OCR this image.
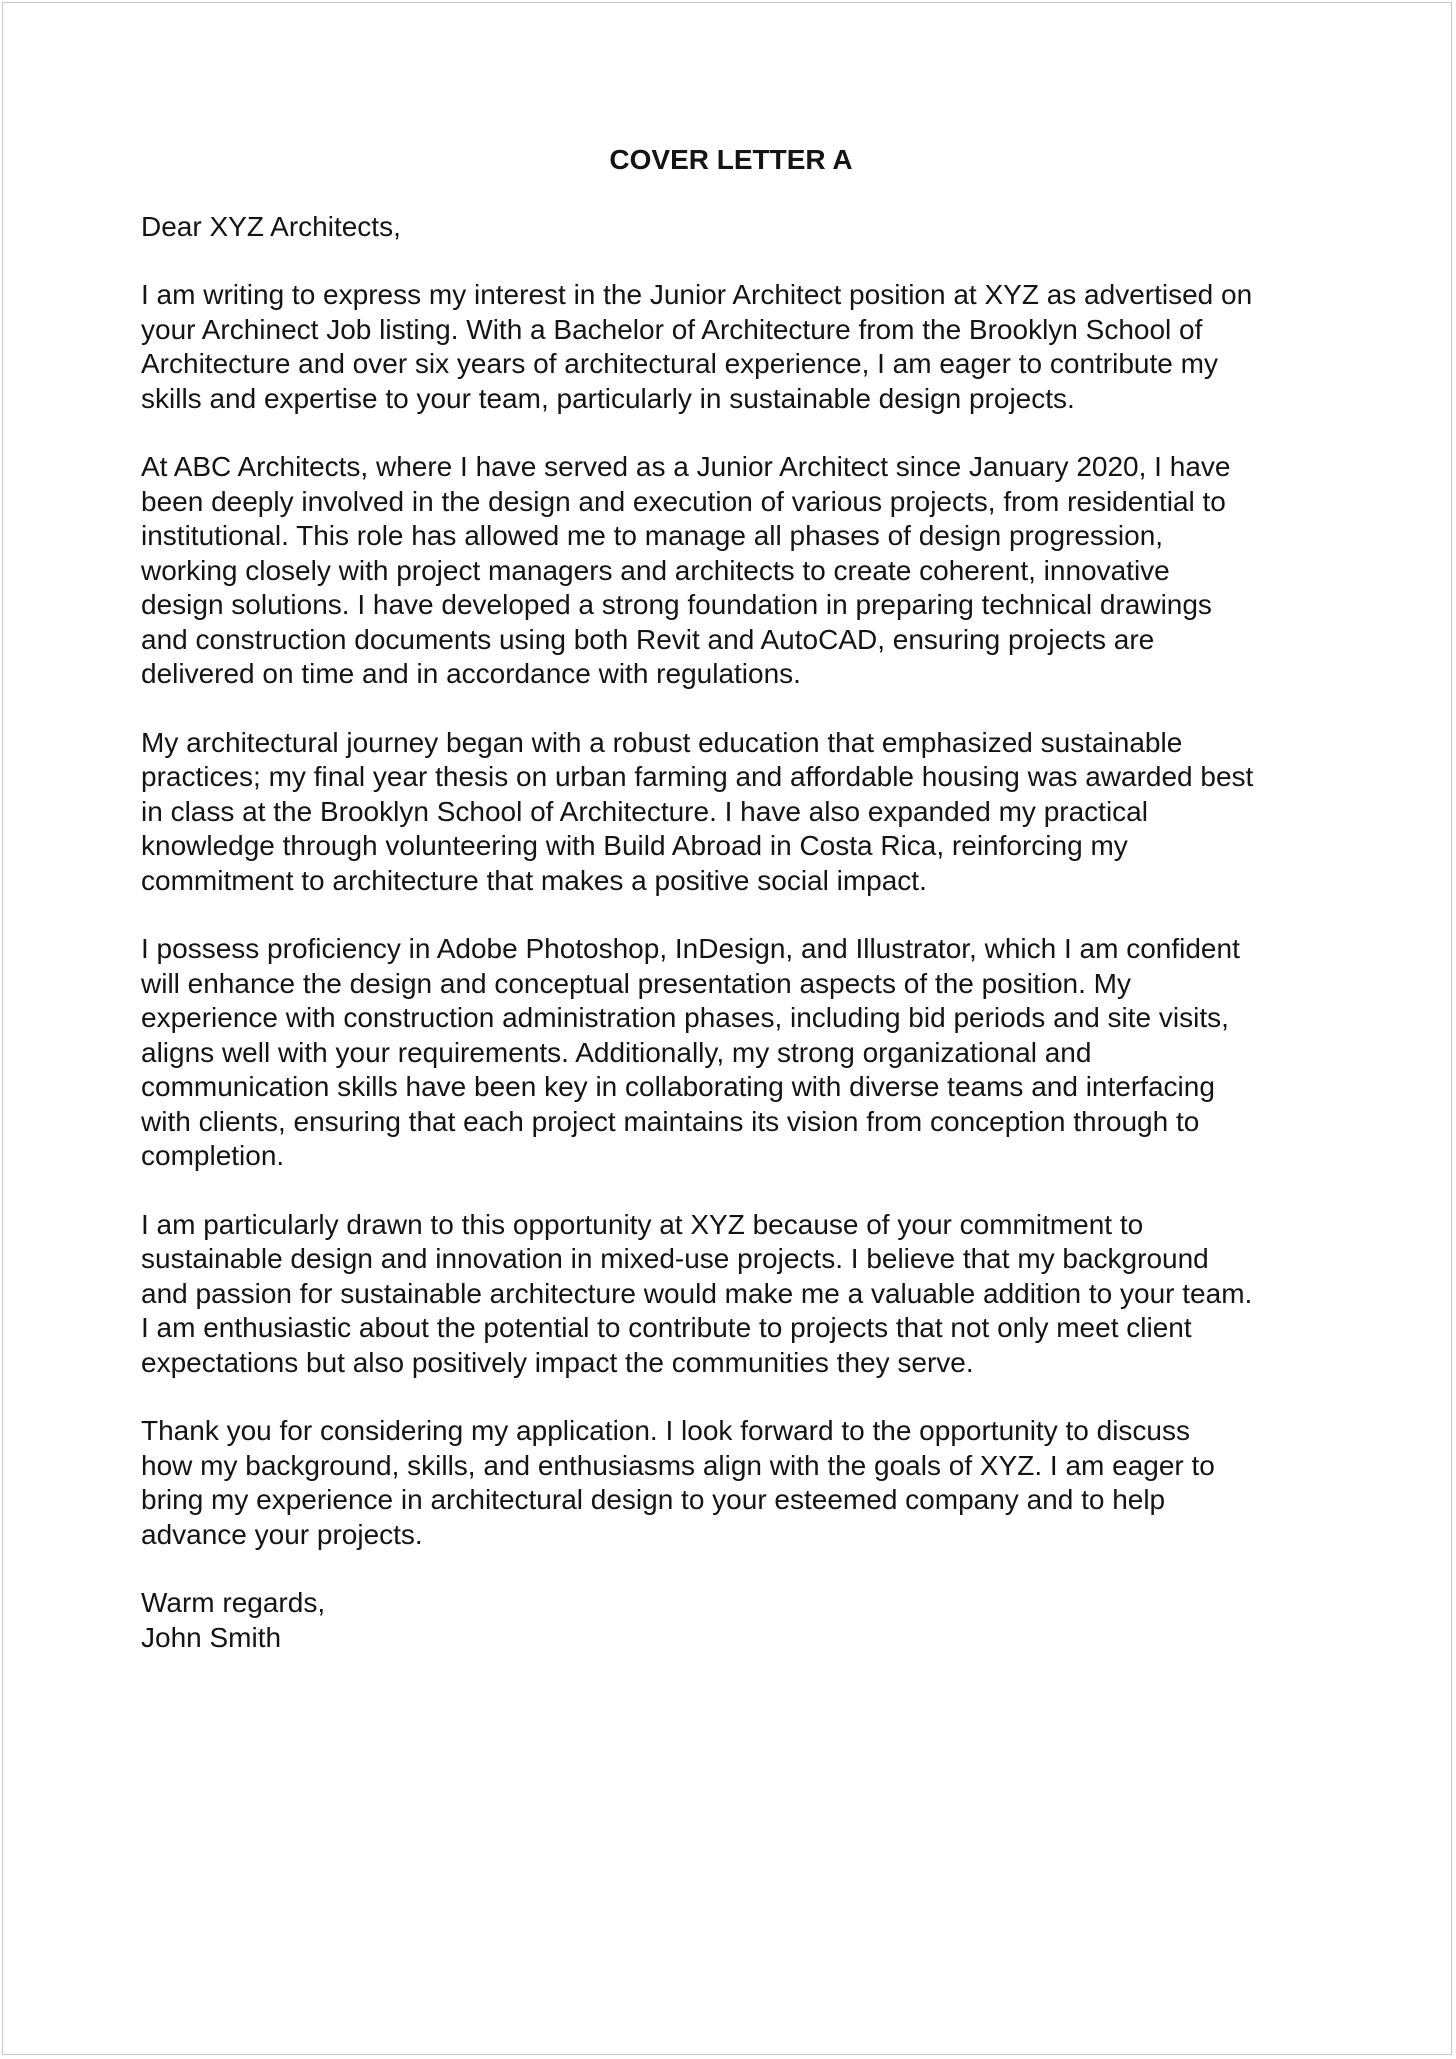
COVER LETTER A
Dear XYZ Architects,
I am writing to express my interest in the Junior Architect position at XYZ as advertised on
your Archinect Job listing. With a Bachelor of Architecture from the Brooklyn School of
Architecture and over six years of architectural experience, I am eager to contribute my
skills and expertise to your team, particularly in sustainable design projects.
At ABC Architects, where I have served as a Junior Architect since January 2020, I have
been deeply involved in the design and execution of various projects, from residential to
institutional. This role has allowed me to manage all phases of design progression,
working closely with project managers and architects to create coherent, innovative
design solutions. I have developed a strong foundation in preparing technical drawings
and construction documents using both Revit and AutoCAD, ensuring projects are
delivered on time and in accordance with regulations.
My architectural journey began with a robust education that emphasized sustainable
practices; my final year thesis on urban farming and affordable housing was awarded best
in class at the Brooklyn School of Architecture. I have also expanded my practical
knowledge through volunteering with Build Abroad in Costa Rica, reinforcing my
commitment to architecture that makes a positive social impact.
I possess proficiency in Adobe Photoshop, InDesign, and Illustrator, which I am confident
will enhance the design and conceptual presentation aspects of the position. My
experience with construction administration phases, including bid periods and site visits,
aligns well with your requirements. Additionally, my strong organizational and
communication skills have been key in collaborating with diverse teams and interfacing
with clients, ensuring that each project maintains its vision from conception through to
completion.
I am particularly drawn to this opportunity at XYZ because of your commitment to
sustainable design and innovation in mixed-use projects. I believe that my background
and passion for sustainable architecture would make me a valuable addition to your team.
I am enthusiastic about the potential to contribute to projects that not only meet client
expectations but also positively impact the communities they serve.
Thank you for considering my application. I look forward to the opportunity to discuss
how my background, skills, and enthusiasms align with the goals of XYZ. I am eager to
bring my experience in architectural design to your esteemed company and to help
advance your projects.
Warm regards,
John Smith
